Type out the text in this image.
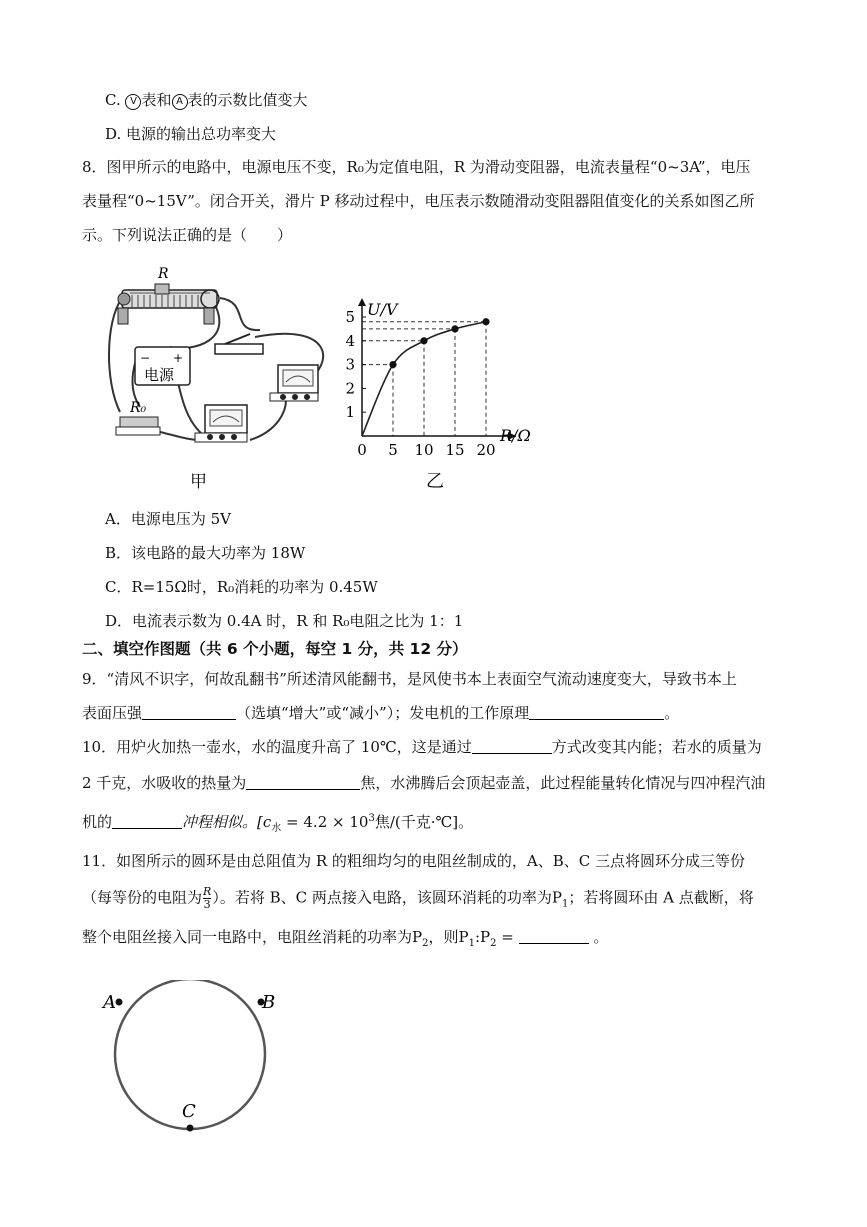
C. V 表和 A 表的示数比值变大
D. 电源的输出总功率变大
8．图甲所示的电路中，电源电压不变，R₀为定值电阻，R 为滑动变阻器，电流表量程“0~3A”，电压
表量程“0~15V”。闭合开关，滑片 P 移动过程中，电压表示数随滑动变阻器阻值变化的关系如图乙所
示。下列说法正确的是（　　）
R
− +
电源
R₀
甲
0 5 10 15 20
1
2
3
4
5 U/V
R/Ω
乙
A．电源电压为 5V
B．该电路的最大功率为 18W
C．R=15Ω时，R₀消耗的功率为 0.45W
D．电流表示数为 0.4A 时，R 和 R₀电阻之比为 1：1
二、填空作图题（共 6 个小题，每空 1 分，共 12 分）
9．“清风不识字，何故乱翻书”所述清风能翻书，是风使书本上表面空气流动速度变大，导致书本上
表面压强	（选填“增大”或“减小”）；发电机的工作原理	。
10．用炉火加热一壶水，水的温度升高了 10℃，这是通过	方式改变其内能；若水的质量为
2 千克，水吸收的热量为	焦，水沸腾后会顶起壶盖，此过程能量转化情况与四冲程汽油
机的	冲程相似。[$c_水 = 4.2 \times 10^3$焦/(千克·℃]。
11．如图所示的圆环是由总阻值为 R 的粗细均匀的电阻丝制成的，A、B、C 三点将圆环分成三等份
（每等份的电阻为 $\frac{R}{3}$ ）。若将 B、C 两点接入电路，该圆环消耗的功率为$P_1$；若将圆环由 A 点截断，将
整个电阻丝接入同一电路中，电阻丝消耗的功率为$P_2$，则$P_1:P_2$ =	。
A	B
C
